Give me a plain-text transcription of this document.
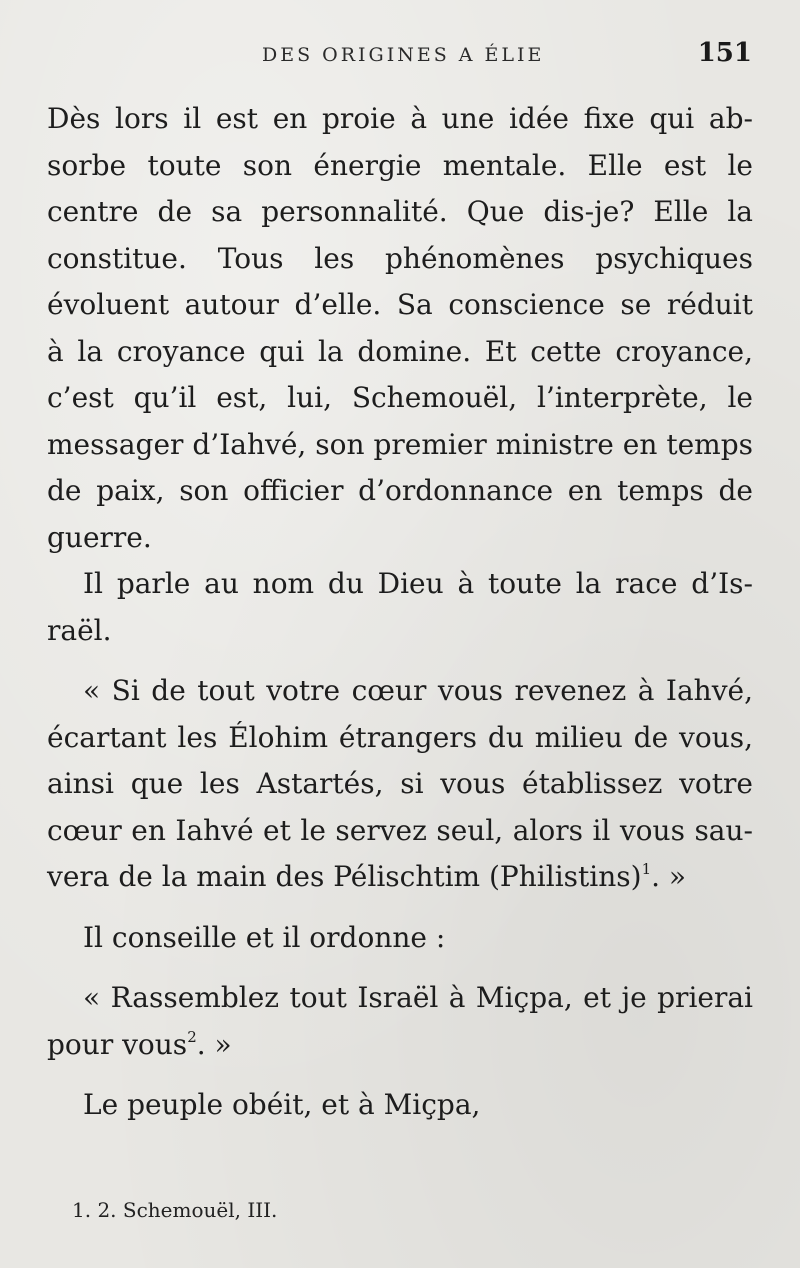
DES ORIGINES A ÉLIE	151
Dès lors il est en proie à une idée fixe qui ab-
sorbe toute son énergie mentale. Elle est le
centre de sa personnalité. Que dis-je? Elle la
constitue. Tous les phénomènes psychiques
évoluent autour d’elle. Sa conscience se réduit
à la croyance qui la domine. Et cette croyance,
c’est qu’il est, lui, Schemouël, l’interprète, le
messager d’Iahvé, son premier ministre en temps
de paix, son officier d’ordonnance en temps de
guerre.
Il parle au nom du Dieu à toute la race d’Is-
raël.
« Si de tout votre cœur vous revenez à Iahvé,
écartant les Élohim étrangers du milieu de vous,
ainsi que les Astartés, si vous établissez votre
cœur en Iahvé et le servez seul, alors il vous sau-
vera de la main des Pélischtim (Philistins)$^1$. »
Il conseille et il ordonne :
« Rassemblez tout Israël à Miçpa, et je prierai
pour vous$^2$. »
Le peuple obéit, et à Miçpa,
1. 2. Schemouël, III.
